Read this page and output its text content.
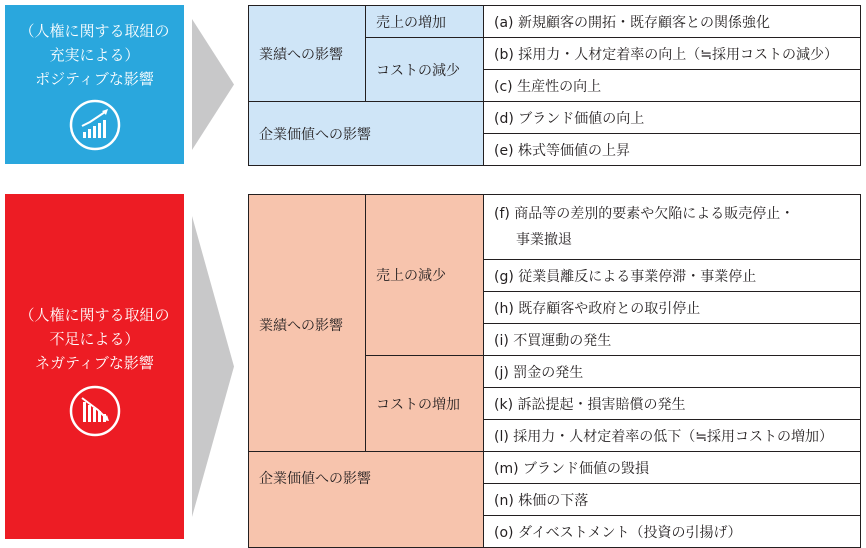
（人権に関する取組の
充実による）
ポジティブな影響
業績への影響	売上の増加	(a) 新規顧客の開拓・既存顧客との関係強化
	コストの減少	(b) 採用力・人材定着率の向上（≒採用コストの減少）
		(c) 生産性の向上
企業価値への影響		(d) ブランド価値の向上
		(e) 株式等価値の上昇
（人権に関する取組の
不足による）
ネガティブな影響
業績への影響	売上の減少	(f) 商品等の差別的要素や欠陥による販売停止・
事業撤退
		(g) 従業員離反による事業停滞・事業停止
		(h) 既存顧客や政府との取引停止
		(i) 不買運動の発生
	コストの増加	(j) 罰金の発生
		(k) 訴訟提起・損害賠償の発生
		(l) 採用力・人材定着率の低下（≒採用コストの増加）
企業価値への影響		(m) ブランド価値の毀損
		(n) 株価の下落
		(o) ダイベストメント（投資の引揚げ）
